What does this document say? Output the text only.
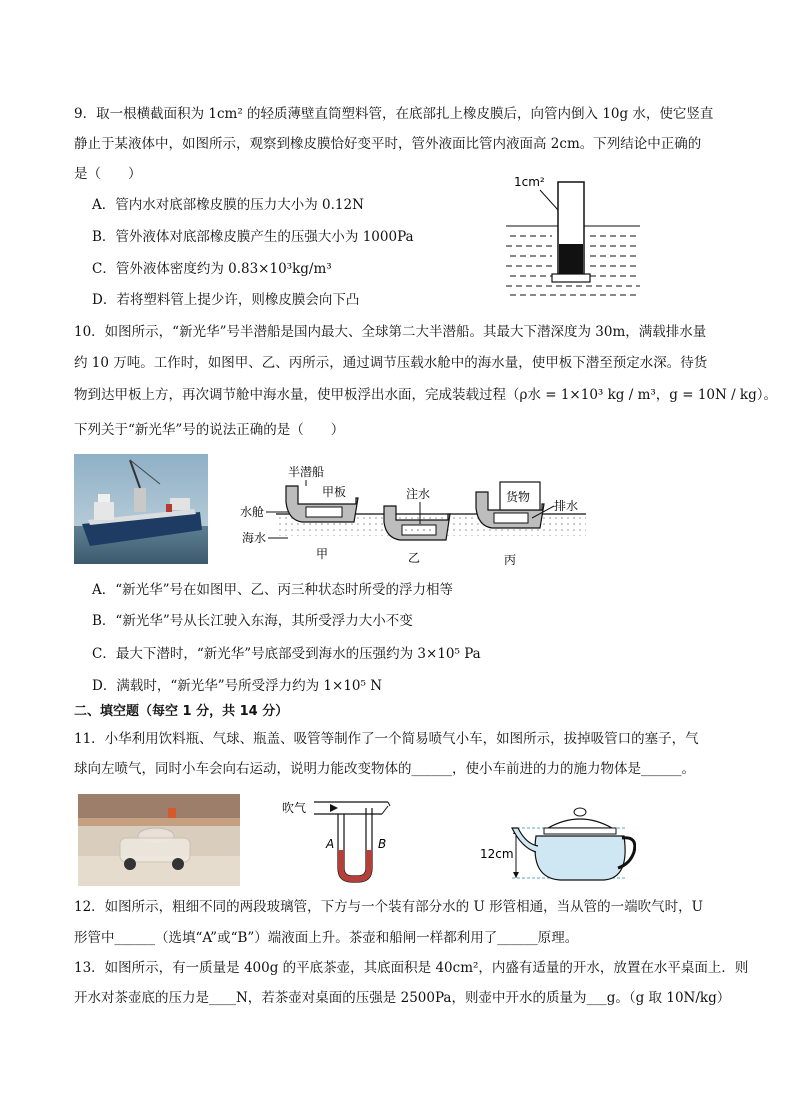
9．取一根横截面积为 1cm² 的轻质薄壁直筒塑料管，在底部扎上橡皮膜后，向管内倒入 10g 水，使它竖直
静止于某液体中，如图所示，观察到橡皮膜恰好变平时，管外液面比管内液面高 2cm。下列结论中正确的
是（　　）
A．管内水对底部橡皮膜的压力大小为 0.12N
B．管外液体对底部橡皮膜产生的压强大小为 1000Pa
C．管外液体密度约为 0.83×10³kg/m³
D．若将塑料管上提少许，则橡皮膜会向下凸
1cm²
10．如图所示，“新光华”号半潜船是国内最大、全球第二大半潜船。其最大下潜深度为 30m，满载排水量
约 10 万吨。工作时，如图甲、乙、丙所示，通过调节压载水舱中的海水量，使甲板下潜至预定水深。待货
物到达甲板上方，再次调节舱中海水量，使甲板浮出水面，完成装载过程（ρ水 = 1×10³ kg / m³，g = 10N / kg）。
下列关于“新光华”号的说法正确的是（　　）
半潜船
甲板
水舱
海水
甲
注水
乙
货物
排水
丙
A．“新光华”号在如图甲、乙、丙三种状态时所受的浮力相等
B．“新光华”号从长江驶入东海，其所受浮力大小不变
C．最大下潜时，“新光华”号底部受到海水的压强约为 3×10⁵ Pa
D．满载时，“新光华”号所受浮力约为 1×10⁵ N
二、填空题（每空 1 分，共 14 分）
11．小华利用饮料瓶、气球、瓶盖、吸管等制作了一个简易喷气小车，如图所示，拔掉吸管口的塞子，气
球向左喷气，同时小车会向右运动，说明力能改变物体的______，使小车前进的力的施力物体是______。
吹气
A	B
12cm
12．如图所示，粗细不同的两段玻璃管，下方与一个装有部分水的 U 形管相通，当从管的一端吹气时，U
形管中______（选填“A”或“B”）端液面上升。茶壶和船闸一样都利用了______原理。
13．如图所示，有一质量是 400g 的平底茶壶，其底面积是 40cm²，内盛有适量的开水，放置在水平桌面上．则
开水对茶壶底的压力是____N，若茶壶对桌面的压强是 2500Pa，则壶中开水的质量为___g。（g 取 10N/kg）
